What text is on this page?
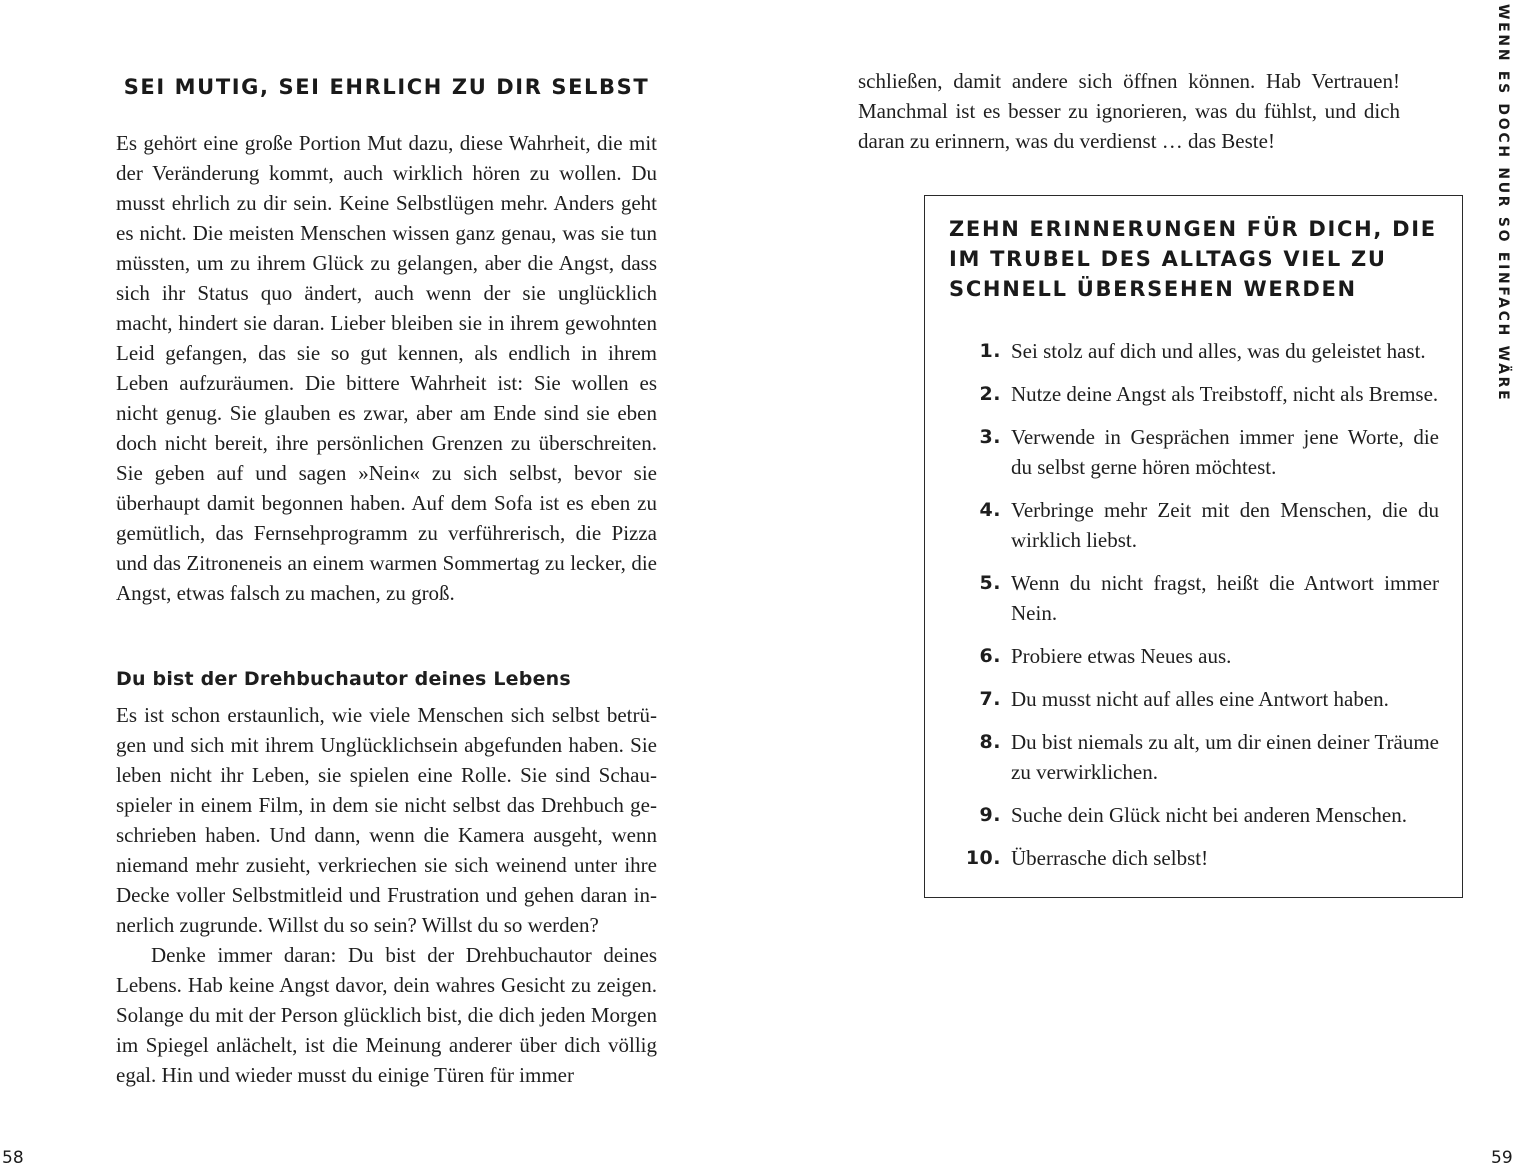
SEI MUTIG, SEI EHRLICH ZU DIR SELBST

Es gehört eine große Portion Mut dazu, diese Wahrheit, die mit der Veränderung kommt, auch wirklich hören zu wollen. Du musst ehrlich zu dir sein. Keine Selbstlügen mehr. Anders geht es nicht. Die meisten Menschen wissen ganz genau, was sie tun müssten, um zu ihrem Glück zu gelangen, aber die Angst, dass sich ihr Status quo ändert, auch wenn der sie unglücklich macht, hindert sie daran. Lieber bleiben sie in ihrem gewohnten Leid gefangen, das sie so gut kennen, als endlich in ihrem Leben aufzuräumen. Die bittere Wahrheit ist: Sie wollen es nicht genug. Sie glauben es zwar, aber am Ende sind sie eben doch nicht bereit, ihre persönlichen Grenzen zu überschreiten. Sie geben auf und sagen »Nein« zu sich selbst, bevor sie überhaupt damit begonnen haben. Auf dem Sofa ist es eben zu gemütlich, das Fernsehprogramm zu verführerisch, die Pizza und das Zitroneneis an einem warmen Sommertag zu lecker, die Angst, etwas falsch zu machen, zu groß.

Du bist der Drehbuchautor deines Lebens

Es ist schon erstaunlich, wie viele Menschen sich selbst betrügen und sich mit ihrem Unglücklichsein abgefunden haben. Sie leben nicht ihr Leben, sie spielen eine Rolle. Sie sind Schauspieler in einem Film, in dem sie nicht selbst das Drehbuch geschrieben haben. Und dann, wenn die Kamera ausgeht, wenn niemand mehr zusieht, verkriechen sie sich weinend unter ihre Decke voller Selbstmitleid und Frustration und gehen daran innerlich zugrunde. Willst du so sein? Willst du so werden?

Denke immer daran: Du bist der Drehbuchautor deines Lebens. Hab keine Angst davor, dein wahres Gesicht zu zeigen. Solange du mit der Person glücklich bist, die dich jeden Morgen im Spiegel anlächelt, ist die Meinung anderer über dich völlig egal. Hin und wieder musst du einige Türen für immer

schließen, damit andere sich öffnen können. Hab Vertrauen! Manchmal ist es besser zu ignorieren, was du fühlst, und dich daran zu erinnern, was du verdienst … das Beste!

ZEHN ERINNERUNGEN FÜR DICH, DIE IM TRUBEL DES ALLTAGS VIEL ZU SCHNELL ÜBERSEHEN WERDEN
1. Sei stolz auf dich und alles, was du geleistet hast.
2. Nutze deine Angst als Treibstoff, nicht als Bremse.
3. Verwende in Gesprächen immer jene Worte, die du selbst gerne hören möchtest.
4. Verbringe mehr Zeit mit den Menschen, die du wirklich liebst.
5. Wenn du nicht fragst, heißt die Antwort immer Nein.
6. Probiere etwas Neues aus.
7. Du musst nicht auf alles eine Antwort haben.
8. Du bist niemals zu alt, um dir einen deiner Träume zu verwirklichen.
9. Suche dein Glück nicht bei anderen Menschen.
10. Überrasche dich selbst!
WENN ES DOCH NUR SO EINFACH WÄRE
58	59
